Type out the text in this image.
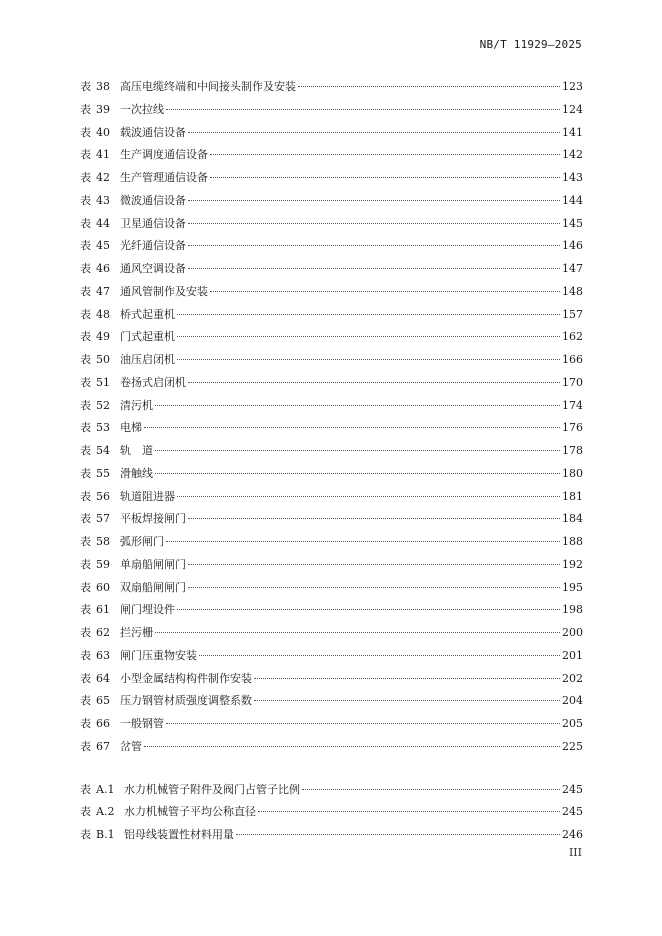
NB/T 11929—2025
表 38 高压电缆终端和中间接头制作及安装	123
表 39 一次拉线	124
表 40 载波通信设备	141
表 41 生产调度通信设备	142
表 42 生产管理通信设备	143
表 43 微波通信设备	144
表 44 卫星通信设备	145
表 45 光纤通信设备	146
表 46 通风空调设备	147
表 47 通风管制作及安装	148
表 48 桥式起重机	157
表 49 门式起重机	162
表 50 油压启闭机	166
表 51 卷扬式启闭机	170
表 52 清污机	174
表 53 电梯	176
表 54 轨　道	178
表 55 滑触线	180
表 56 轨道阻进器	181
表 57 平板焊接闸门	184
表 58 弧形闸门	188
表 59 单扇船闸闸门	192
表 60 双扇船闸闸门	195
表 61 闸门埋设件	198
表 62 拦污栅	200
表 63 闸门压重物安装	201
表 64 小型金属结构构件制作安装	202
表 65 压力钢管材质强度调整系数	204
表 66 一般钢管	205
表 67 岔管	225
表 A.1 水力机械管子附件及阀门占管子比例	245
表 A.2 水力机械管子平均公称直径	245
表 B.1 铝母线装置性材料用量	246
III
